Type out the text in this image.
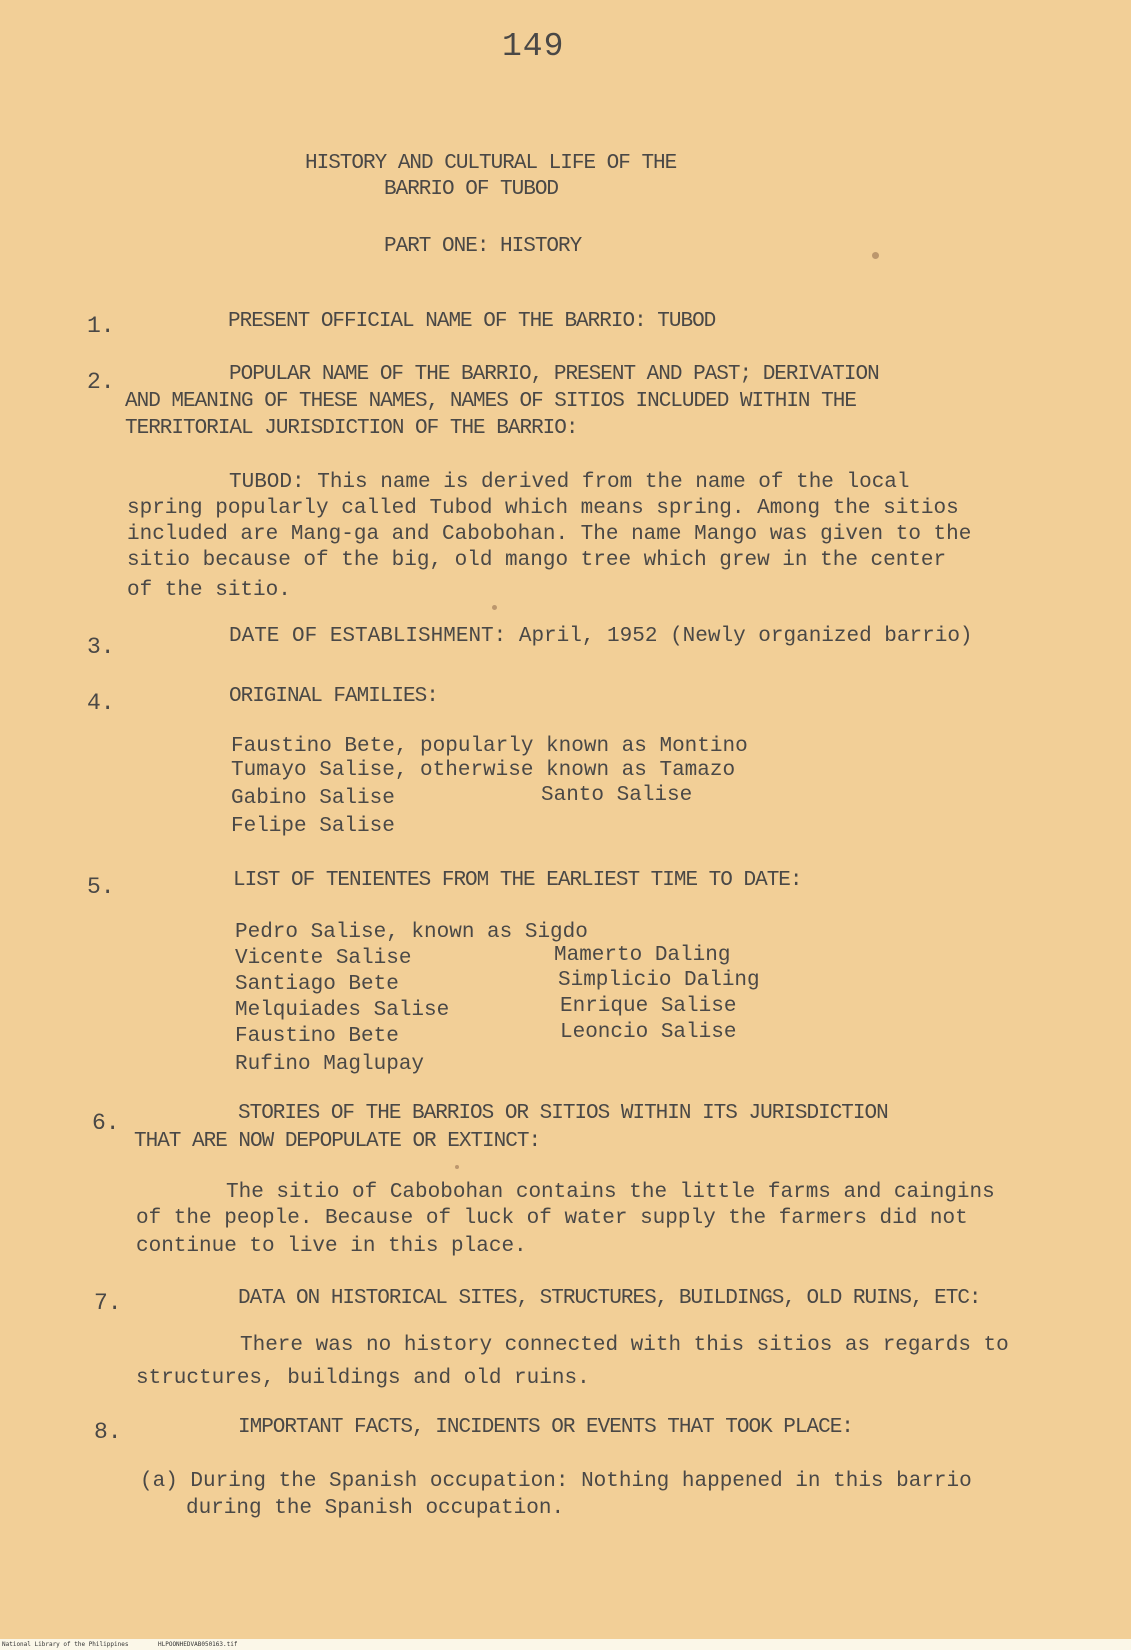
149
HISTORY AND CULTURAL LIFE OF THE
BARRIO OF TUBOD
PART ONE: HISTORY
1.	PRESENT OFFICIAL NAME OF THE BARRIO: TUBOD
2.	POPULAR NAME OF THE BARRIO, PRESENT AND PAST; DERIVATION
AND MEANING OF THESE NAMES, NAMES OF SITIOS INCLUDED WITHIN THE
TERRITORIAL JURISDICTION OF THE BARRIO:
TUBOD: This name is derived from the name of the local
spring popularly called Tubod which means spring. Among the sitios
included are Mang-ga and Cabobohan. The name Mango was given to the
sitio because of the big, old mango tree which grew in the center
of the sitio.
3.	DATE OF ESTABLISHMENT: April, 1952 (Newly organized barrio)
4.	ORIGINAL FAMILIES:
Faustino Bete, popularly known as Montino
Tumayo Salise, otherwise known as Tamazo
Gabino Salise	Santo Salise
Felipe Salise
5.	LIST OF TENIENTES FROM THE EARLIEST TIME TO DATE:
Pedro Salise, known as Sigdo
Vicente Salise	Mamerto Daling
Santiago Bete	Simplicio Daling
Melquiades Salise	Enrique Salise
Faustino Bete	Leoncio Salise
Rufino Maglupay
6.	STORIES OF THE BARRIOS OR SITIOS WITHIN ITS JURISDICTION
THAT ARE NOW DEPOPULATE OR EXTINCT:
The sitio of Cabobohan contains the little farms and caingins
of the people. Because of luck of water supply the farmers did not
continue to live in this place.
7.	DATA ON HISTORICAL SITES, STRUCTURES, BUILDINGS, OLD RUINS, ETC:
There was no history connected with this sitios as regards to
structures, buildings and old ruins.
8.	IMPORTANT FACTS, INCIDENTS OR EVENTS THAT TOOK PLACE:
(a) During the Spanish occupation: Nothing happened in this barrio
during the Spanish occupation.
National Library of the Philippines	HLPOONHEDVAB050163.tif
